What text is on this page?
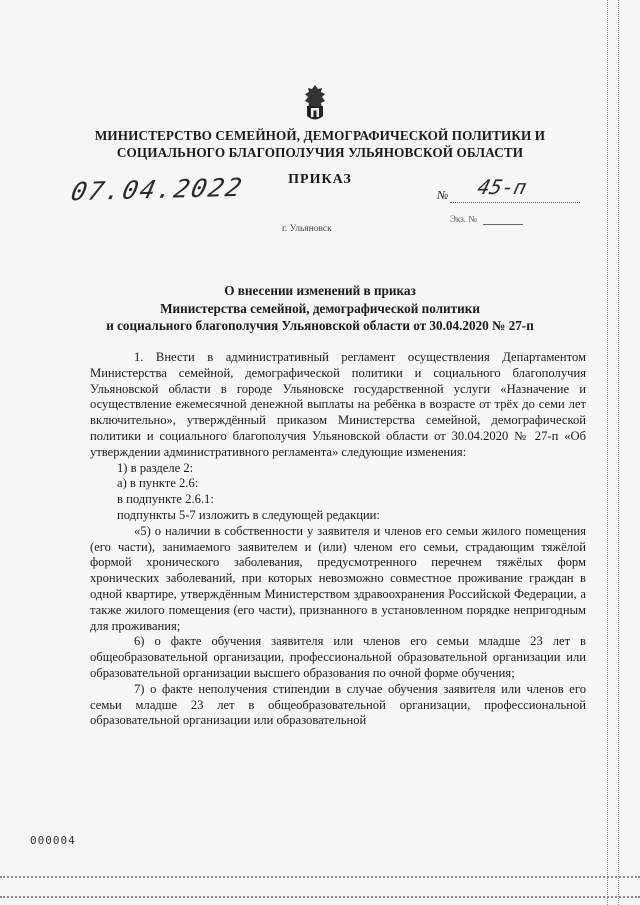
МИНИСТЕРСТВО СЕМЕЙНОЙ, ДЕМОГРАФИЧЕСКОЙ ПОЛИТИКИ И
СОЦИАЛЬНОГО БЛАГОПОЛУЧИЯ УЛЬЯНОВСКОЙ ОБЛАСТИ
ПРИКАЗ
07.04.2022	№ 45-п
Экз. №
г. Ульяновск
О внесении изменений в приказ
Министерства семейной, демографической политики
и социального благополучия Ульяновской области от 30.04.2020 № 27-п

1. Внести в административный регламент осуществления Департаментом Министерства семейной, демографической политики и социального благополучия Ульяновской области в городе Ульяновске государственной услуги «Назначение и осуществление ежемесячной денежной выплаты на ребёнка в возрасте от трёх до семи лет включительно», утверждённый приказом Министерства семейной, демографической политики и социального благополучия Ульяновской области от 30.04.2020 № 27-п «Об утверждении административного регламента» следующие изменения:

1) в разделе 2:

а) в пункте 2.6:

в подпункте 2.6.1:

подпункты 5-7 изложить в следующей редакции:

«5) о наличии в собственности у заявителя и членов его семьи жилого помещения (его части), занимаемого заявителем и (или) членом его семьи, страдающим тяжёлой формой хронического заболевания, предусмотренного перечнем тяжёлых форм хронических заболеваний, при которых невозможно совместное проживание граждан в одной квартире, утверждённым Министерством здравоохранения Российской Федерации, а также жилого помещения (его части), признанного в установленном порядке непригодным для проживания;

6) о факте обучения заявителя или членов его семьи младше 23 лет в общеобразовательной организации, профессиональной образовательной организации или образовательной организации высшего образования по очной форме обучения;

7) о факте неполучения стипендии в случае обучения заявителя или членов его семьи младше 23 лет в общеобразовательной организации, профессиональной образовательной организации или образовательной

000004
